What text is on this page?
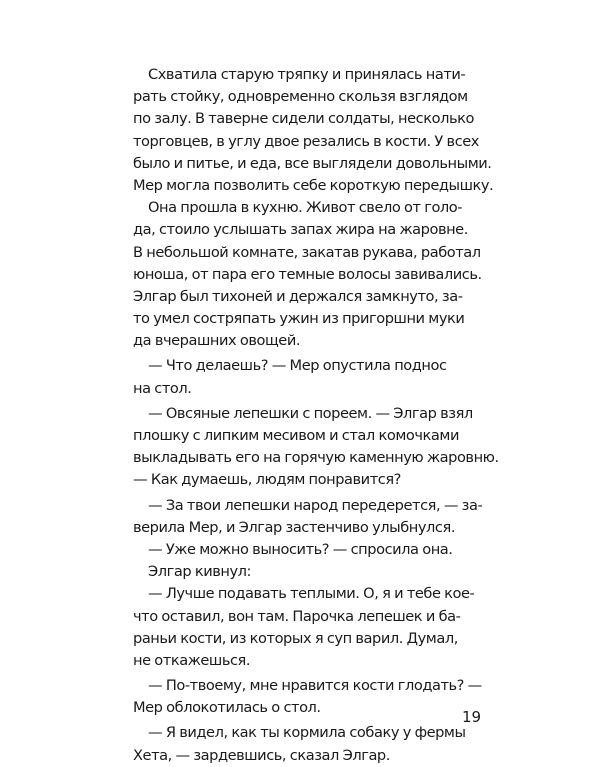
Схватила старую тряпку и принялась нати-
рать стойку, одновременно скользя взглядом
по залу. В таверне сидели солдаты, несколько
торговцев, в углу двое резались в кости. У всех
было и питье, и еда, все выглядели довольными.
Мер могла позволить себе короткую передышку.
Она прошла в кухню. Живот свело от голо-
да, стоило услышать запах жира на жаровне.
В небольшой комнате, закатав рукава, работал
юноша, от пара его темные волосы завивались.
Элгар был тихоней и держался замкнуто, за-
то умел состряпать ужин из пригоршни муки
да вчерашних овощей.
— Что делаешь? — Мер опустила поднос
на стол.
— Овсяные лепешки с пореем. — Элгар взял
плошку с липким месивом и стал комочками
выкладывать его на горячую каменную жаровню.
— Как думаешь, людям понравится?
— За твои лепешки народ передерется, — за-
верила Мер, и Элгар застенчиво улыбнулся.
— Уже можно выносить? — спросила она.
Элгар кивнул:
— Лучше подавать теплыми. О, я и тебе кое-
что оставил, вон там. Парочка лепешек и ба-
раньи кости, из которых я суп варил. Думал,
не откажешься.
— По-твоему, мне нравится кости глодать? —
Мер облокотилась о стол.
— Я видел, как ты кормила собаку у фермы
Хета, — зардевшись, сказал Элгар.
19
